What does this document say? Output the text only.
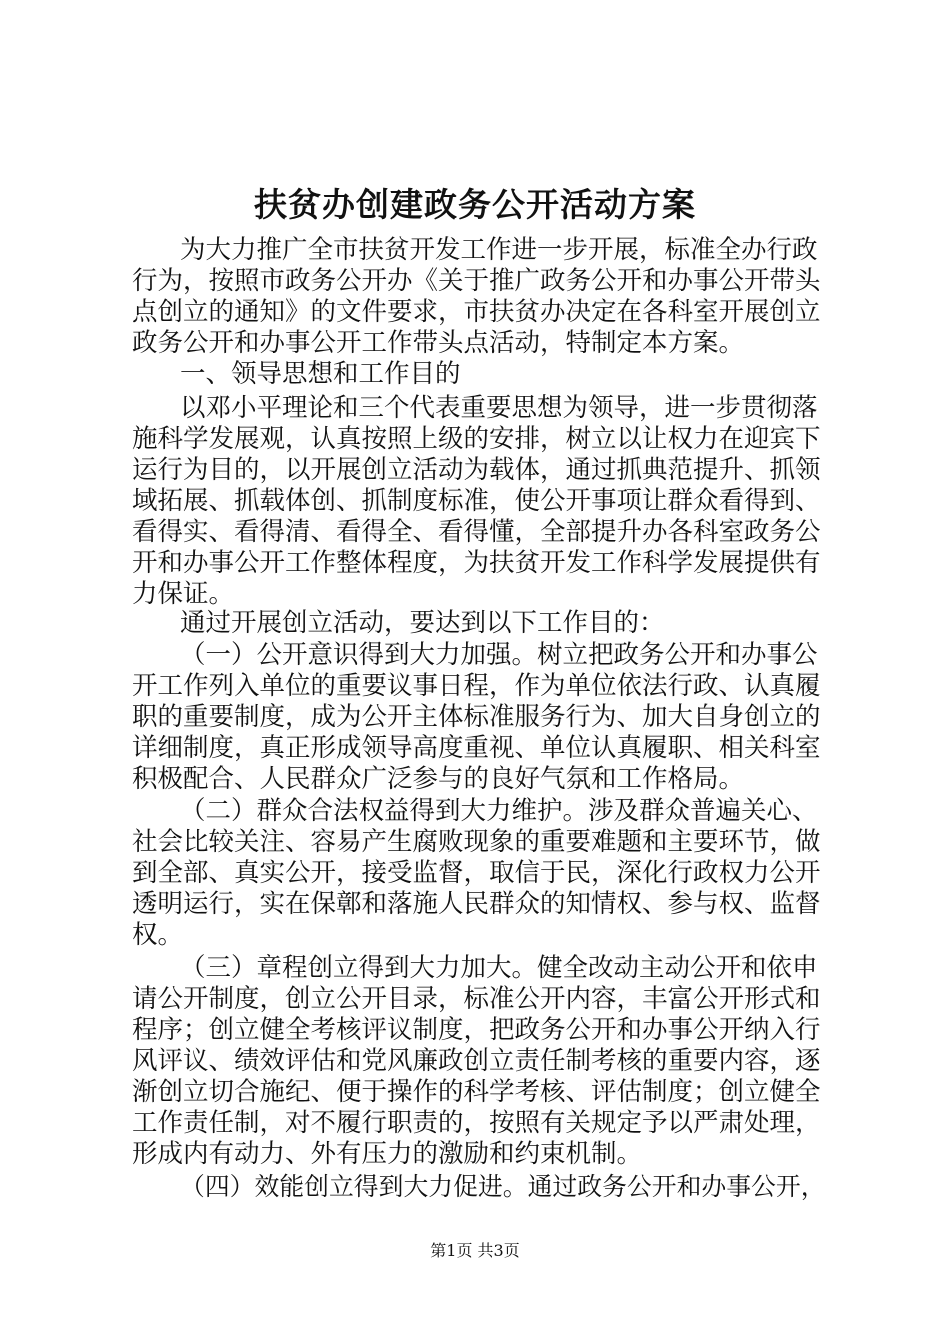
扶贫办创建政务公开活动方案
为大力推广全市扶贫开发工作进一步开展，标准全办行政
行为，按照市政务公开办《关于推广政务公开和办事公开带头
点创立的通知》的文件要求，市扶贫办决定在各科室开展创立
政务公开和办事公开工作带头点活动，特制定本方案。
一、领导思想和工作目的
以邓小平理论和三个代表重要思想为领导，进一步贯彻落
施科学发展观，认真按照上级的安排，树立以让权力在迎宾下
运行为目的，以开展创立活动为载体，通过抓典范提升、抓领
域拓展、抓载体创、抓制度标准，使公开事项让群众看得到、
看得实、看得清、看得全、看得懂，全部提升办各科室政务公
开和办事公开工作整体程度，为扶贫开发工作科学发展提供有
力保证。
通过开展创立活动，要达到以下工作目的：
（一）公开意识得到大力加强。树立把政务公开和办事公
开工作列入单位的重要议事日程，作为单位依法行政、认真履
职的重要制度，成为公开主体标准服务行为、加大自身创立的
详细制度，真正形成领导高度重视、单位认真履职、相关科室
积极配合、人民群众广泛参与的良好气氛和工作格局。
（二）群众合法权益得到大力维护。涉及群众普遍关心、
社会比较关注、容易产生腐败现象的重要难题和主要环节，做
到全部、真实公开，接受监督，取信于民，深化行政权力公开
透明运行，实在保鄣和落施人民群众的知情权、参与权、监督
权。
（三）章程创立得到大力加大。健全改动主动公开和依申
请公开制度，创立公开目录，标准公开内容，丰富公开形式和
程序；创立健全考核评议制度，把政务公开和办事公开纳入行
风评议、绩效评估和党风廉政创立责任制考核的重要内容，逐
渐创立切合施纪、便于操作的科学考核、评估制度；创立健全
工作责任制，对不履行职责的，按照有关规定予以严肃处理，
形成内有动力、外有压力的激励和约束机制。
（四）效能创立得到大力促进。通过政务公开和办事公开，
第1页 共3页
